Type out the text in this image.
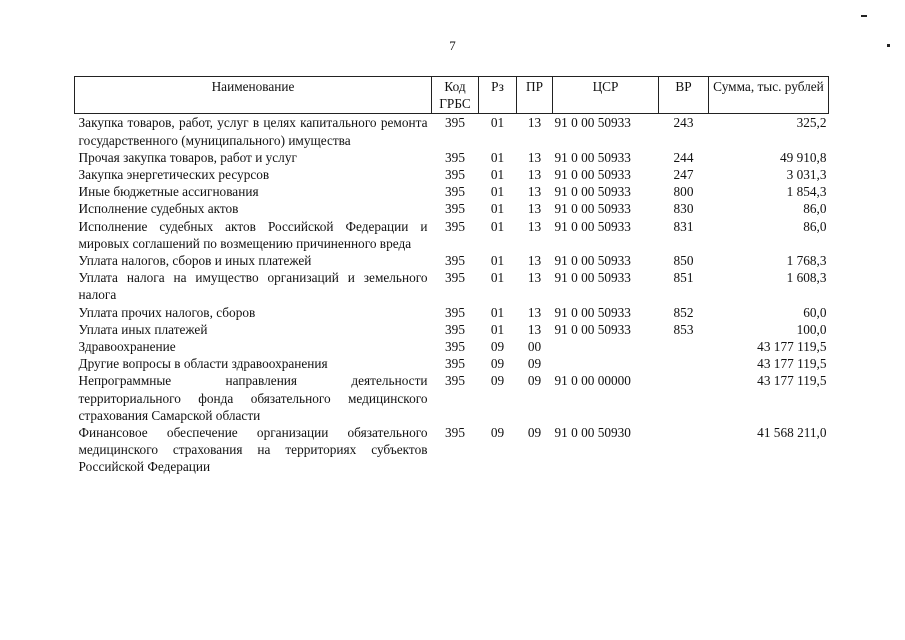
7
Наименование	Код ГРБС	Рз	ПР	ЦСР	ВР	Сумма, тыс. рублей
Закупка товаров, работ, услуг в целях капитального ремонта государственного (муниципального) имущества	395	01	13	91 0 00 50933	243	325,2
Прочая закупка товаров, работ и услуг	395	01	13	91 0 00 50933	244	49 910,8
Закупка энергетических ресурсов	395	01	13	91 0 00 50933	247	3 031,3
Иные бюджетные ассигнования	395	01	13	91 0 00 50933	800	1 854,3
Исполнение судебных актов	395	01	13	91 0 00 50933	830	86,0
Исполнение судебных актов Российской Федерации и мировых соглашений по возмещению причиненного вреда	395	01	13	91 0 00 50933	831	86,0
Уплата налогов, сборов и иных платежей	395	01	13	91 0 00 50933	850	1 768,3
Уплата налога на имущество организаций и земельного налога	395	01	13	91 0 00 50933	851	1 608,3
Уплата прочих налогов, сборов	395	01	13	91 0 00 50933	852	60,0
Уплата иных платежей	395	01	13	91 0 00 50933	853	100,0
Здравоохранение	395	09	00			43 177 119,5
Другие вопросы в области здравоохранения	395	09	09			43 177 119,5
Непрограммные направления деятельности территориального фонда обязательного медицинского страхования Самарской области	395	09	09	91 0 00 00000		43 177 119,5
Финансовое обеспечение организации обязательного медицинского страхования на территориях субъектов Российской Федерации	395	09	09	91 0 00 50930		41 568 211,0
